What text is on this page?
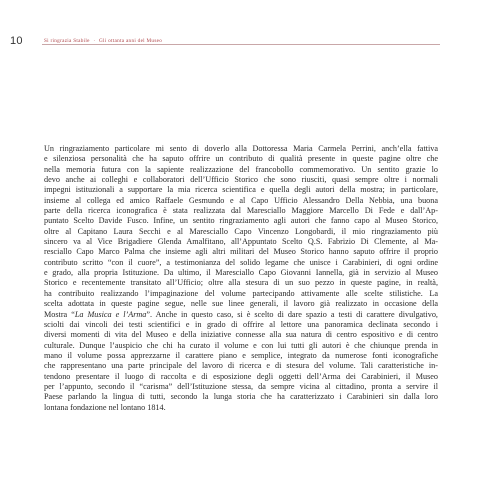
10	Si ringrazia Stabile · Gli ottanta anni del Museo
Un ringraziamento particolare mi sento di doverlo alla Dottoressa Maria Carmela Perrini, anch’ella fattiva
e silenziosa personalità che ha saputo offrire un contributo di qualità presente in queste pagine oltre che
nella memoria futura con la sapiente realizzazione del francobollo commemorativo. Un sentito grazie lo
devo anche ai colleghi e collaboratori dell’Ufficio Storico che sono riusciti, quasi sempre oltre i normali
impegni istituzionali a supportare la mia ricerca scientifica e quella degli autori della mostra; in particolare,
insieme al collega ed amico Raffaele Gesmundo e al Capo Ufficio Alessandro Della Nebbia, una buona
parte della ricerca iconografica è stata realizzata dal Maresciallo Maggiore Marcello Di Fede e dall’Ap-
puntato Scelto Davide Fusco. Infine, un sentito ringraziamento agli autori che fanno capo al Museo Storico,
oltre al Capitano Laura Secchi e al Maresciallo Capo Vincenzo Longobardi, il mio ringraziamento più
sincero va al Vice Brigadiere Glenda Amalfitano, all’Appuntato Scelto Q.S. Fabrizio Di Clemente, al Ma-
resciallo Capo Marco Palma che insieme agli altri militari del Museo Storico hanno saputo offrire il proprio
contributo scritto “con il cuore”, a testimonianza del solido legame che unisce i Carabinieri, di ogni ordine
e grado, alla propria Istituzione. Da ultimo, il Maresciallo Capo Giovanni Iannella, già in servizio al Museo
Storico e recentemente transitato all’Ufficio; oltre alla stesura di un suo pezzo in queste pagine, in realtà,
ha contribuito realizzando l’impaginazione del volume partecipando attivamente alle scelte stilistiche. La
scelta adottata in queste pagine segue, nelle sue linee generali, il lavoro già realizzato in occasione della
Mostra “La Musica e l’Arma”. Anche in questo caso, si è scelto di dare spazio a testi di carattere divulgativo,
sciolti dai vincoli dei testi scientifici e in grado di offrire al lettore una panoramica declinata secondo i
diversi momenti di vita del Museo e della iniziative connesse alla sua natura di centro espositivo e di centro
culturale. Dunque l’auspicio che chi ha curato il volume e con lui tutti gli autori è che chiunque prenda in
mano il volume possa apprezzarne il carattere piano e semplice, integrato da numerose fonti iconografiche
che rappresentano una parte principale del lavoro di ricerca e di stesura del volume. Tali caratteristiche in-
tendono presentare il luogo di raccolta e di esposizione degli oggetti dell’Arma dei Carabinieri, il Museo
per l’appunto, secondo il “carisma” dell’Istituzione stessa, da sempre vicina al cittadino, pronta a servire il
Paese parlando la lingua di tutti, secondo la lunga storia che ha caratterizzato i Carabinieri sin dalla loro
lontana fondazione nel lontano 1814.
